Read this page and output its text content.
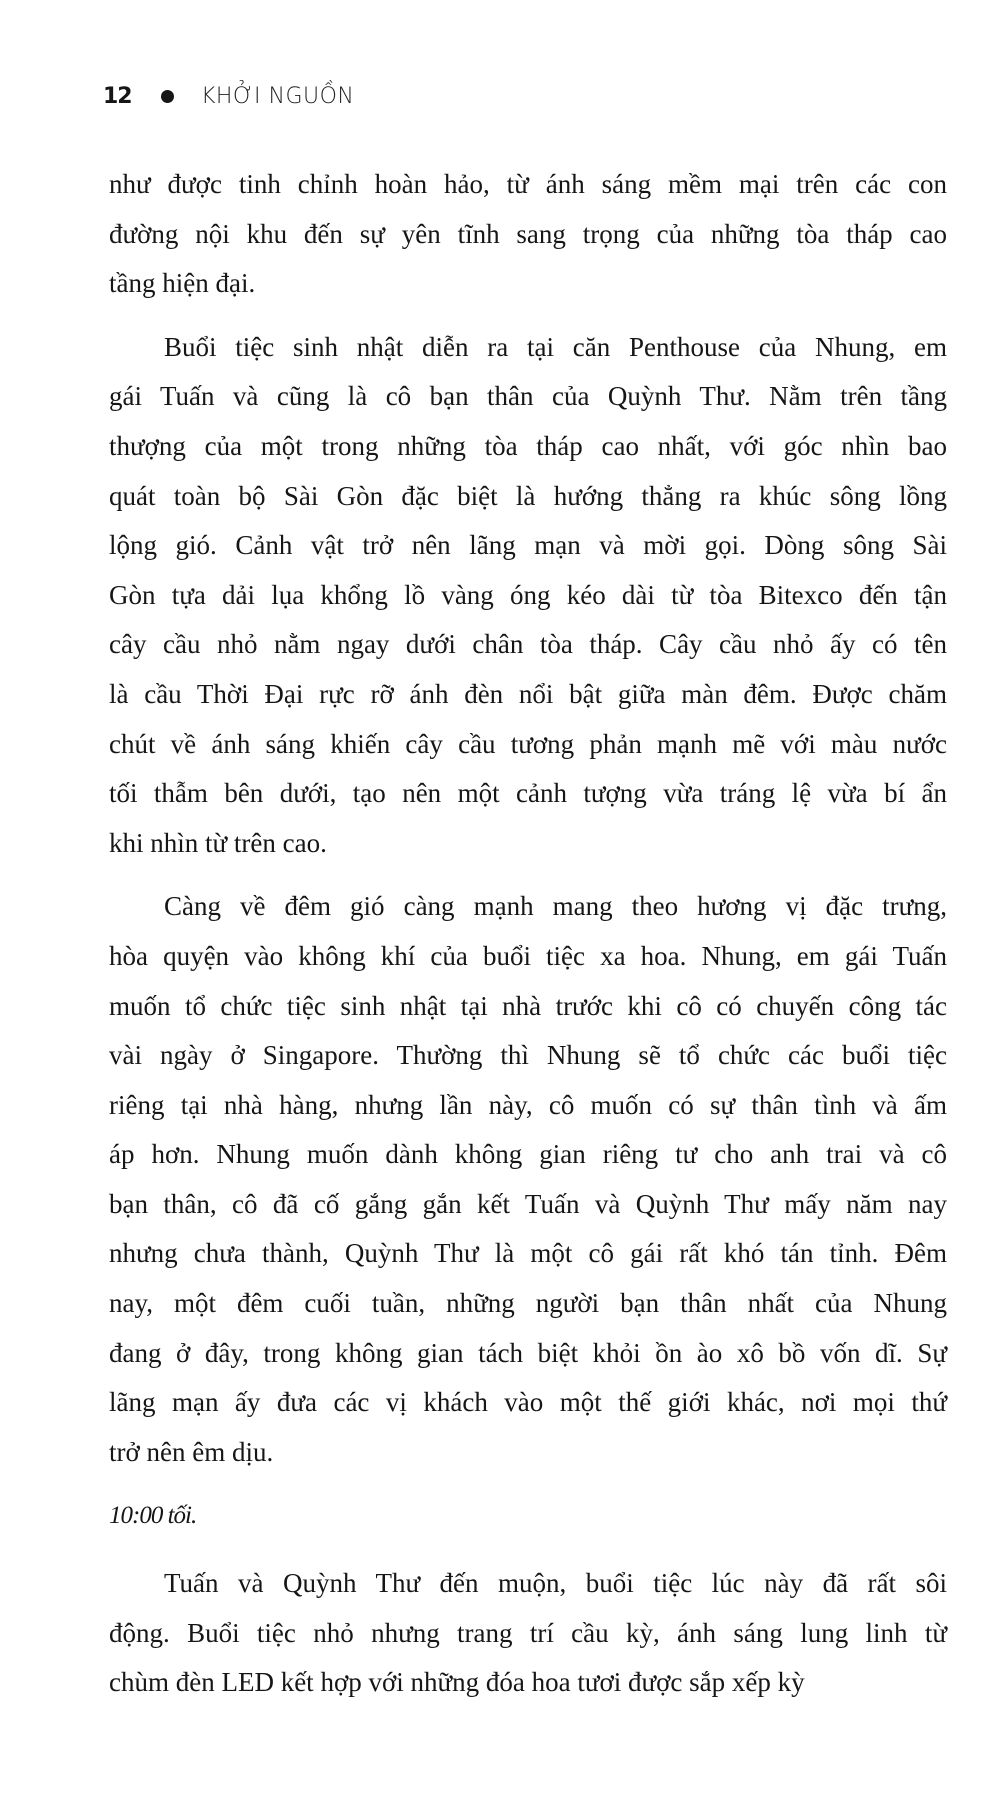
12	KHỞI NGUỒN
như được tinh chỉnh hoàn hảo, từ ánh sáng mềm mại trên các con
đường nội khu đến sự yên tĩnh sang trọng của những tòa tháp cao
tầng hiện đại.
Buổi tiệc sinh nhật diễn ra tại căn Penthouse của Nhung, em
gái Tuấn và cũng là cô bạn thân của Quỳnh Thư. Nằm trên tầng
thượng của một trong những tòa tháp cao nhất, với góc nhìn bao
quát toàn bộ Sài Gòn đặc biệt là hướng thẳng ra khúc sông lồng
lộng gió. Cảnh vật trở nên lãng mạn và mời gọi. Dòng sông Sài
Gòn tựa dải lụa khổng lồ vàng óng kéo dài từ tòa Bitexco đến tận
cây cầu nhỏ nằm ngay dưới chân tòa tháp. Cây cầu nhỏ ấy có tên
là cầu Thời Đại rực rỡ ánh đèn nổi bật giữa màn đêm. Được chăm
chút về ánh sáng khiến cây cầu tương phản mạnh mẽ với màu nước
tối thẫm bên dưới, tạo nên một cảnh tượng vừa tráng lệ vừa bí ẩn
khi nhìn từ trên cao.
Càng về đêm gió càng mạnh mang theo hương vị đặc trưng,
hòa quyện vào không khí của buổi tiệc xa hoa. Nhung, em gái Tuấn
muốn tổ chức tiệc sinh nhật tại nhà trước khi cô có chuyến công tác
vài ngày ở Singapore. Thường thì Nhung sẽ tổ chức các buổi tiệc
riêng tại nhà hàng, nhưng lần này, cô muốn có sự thân tình và ấm
áp hơn. Nhung muốn dành không gian riêng tư cho anh trai và cô
bạn thân, cô đã cố gắng gắn kết Tuấn và Quỳnh Thư mấy năm nay
nhưng chưa thành, Quỳnh Thư là một cô gái rất khó tán tỉnh. Đêm
nay, một đêm cuối tuần, những người bạn thân nhất của Nhung
đang ở đây, trong không gian tách biệt khỏi ồn ào xô bồ vốn dĩ. Sự
lãng mạn ấy đưa các vị khách vào một thế giới khác, nơi mọi thứ
trở nên êm dịu.
10:00 tối.
Tuấn và Quỳnh Thư đến muộn, buổi tiệc lúc này đã rất sôi
động. Buổi tiệc nhỏ nhưng trang trí cầu kỳ, ánh sáng lung linh từ
chùm đèn LED kết hợp với những đóa hoa tươi được sắp xếp kỳ
